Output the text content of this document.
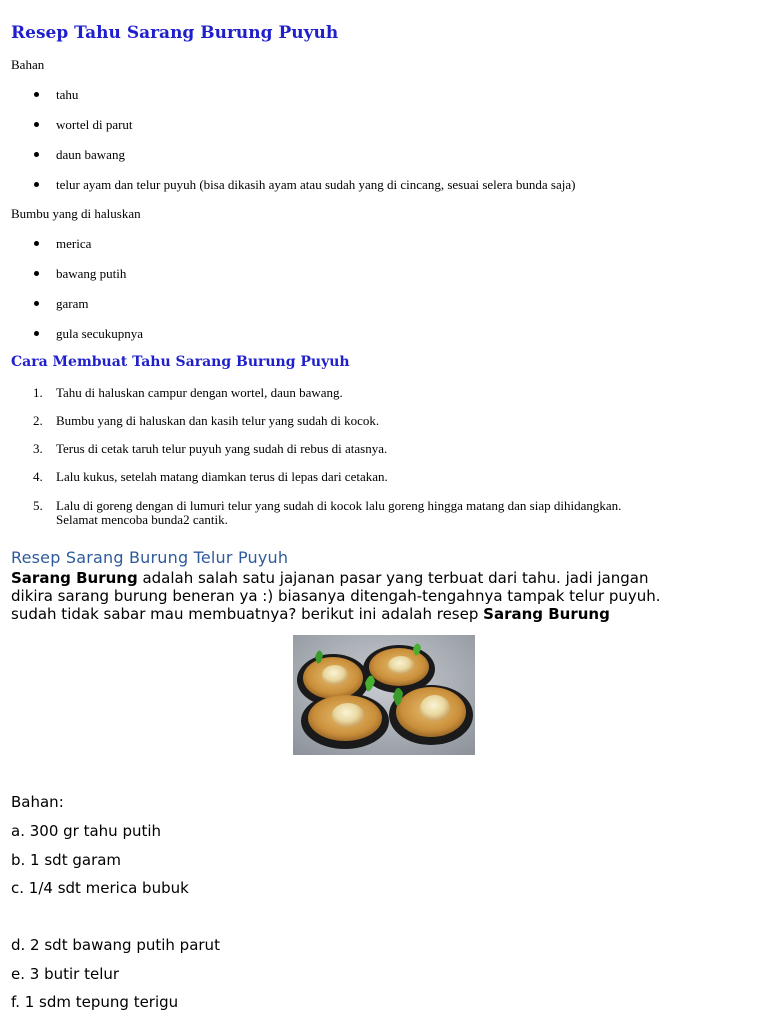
Resep Tahu Sarang Burung Puyuh
Bahan
tahu
wortel di parut
daun bawang
telur ayam dan telur puyuh (bisa dikasih ayam atau sudah yang di cincang, sesuai selera bunda saja)
Bumbu yang di haluskan
merica
bawang putih
garam
gula secukupnya
Cara Membuat Tahu Sarang Burung Puyuh
1. Tahu di haluskan campur dengan wortel, daun bawang.
2. Bumbu yang di haluskan dan kasih telur yang sudah di kocok.
3. Terus di cetak taruh telur puyuh yang sudah di rebus di atasnya.
4. Lalu kukus, setelah matang diamkan terus di lepas dari cetakan.
5. Lalu di goreng dengan di lumuri telur yang sudah di kocok lalu goreng hingga matang dan siap dihidangkan.
Selamat mencoba bunda2 cantik.
Resep Sarang Burung Telur Puyuh
Sarang Burung adalah salah satu jajanan pasar yang terbuat dari tahu. jadi jangan
dikira sarang burung beneran ya :) biasanya ditengah-tengahnya tampak telur puyuh.
sudah tidak sabar mau membuatnya? berikut ini adalah resep Sarang Burung
Bahan:
a. 300 gr tahu putih
b. 1 sdt garam
c. 1/4 sdt merica bubuk
d. 2 sdt bawang putih parut
e. 3 butir telur
f. 1 sdm tepung terigu
